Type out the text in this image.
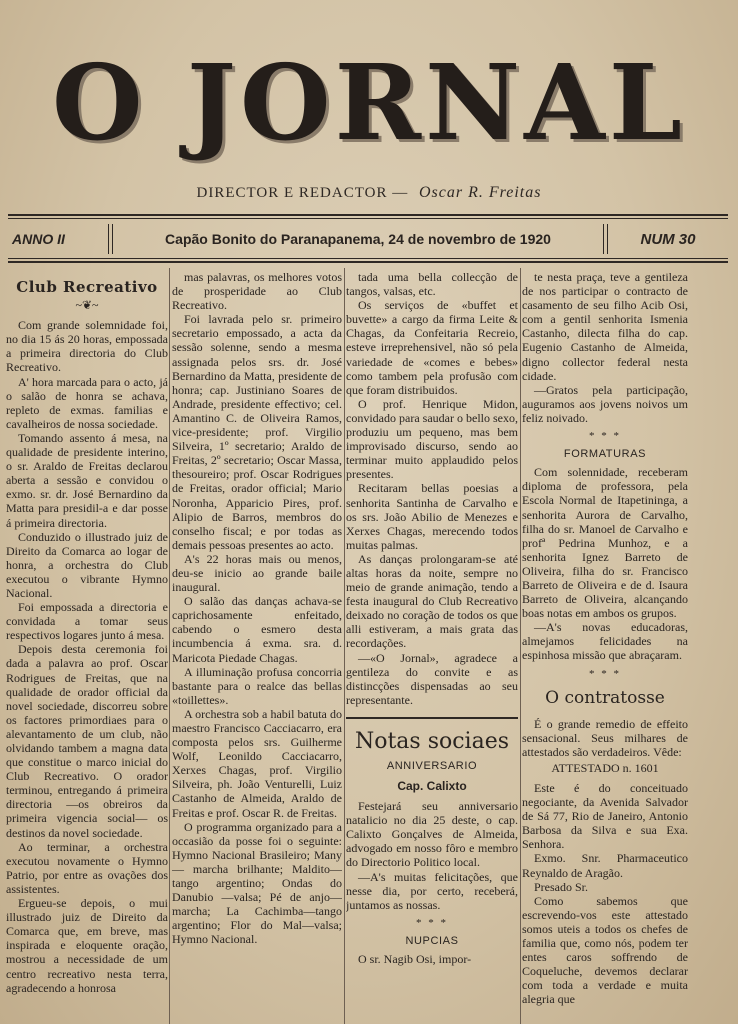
O JORNAL
DIRECTOR E REDACTOR — Oscar R. Freitas
ANNO II	Capão Bonito do Paranapanema, 24 de novembro de 1920	NUM 30

Club Recreativo

~❦~

Com grande solemnidade foi, no dia 15 ás 20 horas, empossada a primeira directoria do Club Recreativo.

A' hora marcada para o acto, já o salão de honra se achava, repleto de exmas. familias e cavalheiros de nossa sociedade.

Tomando assento á mesa, na qualidade de presidente interino, o sr. Araldo de Freitas declarou aberta a sessão e convidou o exmo. sr. dr. José Bernardino da Matta para presidil-a e dar posse á primeira directoria.

Conduzido o illustrado juiz de Direito da Comarca ao logar de honra, a orchestra do Club executou o vibrante Hymno Nacional.

Foi empossada a directoria e convidada a tomar seus respectivos logares junto á mesa.

Depois desta ceremonia foi dada a palavra ao prof. Oscar Rodrigues de Freitas, que na qualidade de orador official da novel sociedade, discorreu sobre os factores primordiaes para o alevantamento de um club, não olvidando tambem a magna data que constitue o marco inicial do Club Recreativo. O orador terminou, entregando á primeira directoria —os obreiros da primeira vigencia social— os destinos da novel sociedade.

Ao terminar, a orchestra executou novamente o Hymno Patrio, por entre as ovações dos assistentes.

Ergueu-se depois, o mui illustrado juiz de Direito da Comarca que, em breve, mas inspirada e eloquente oração, mostrou a necessidade de um centro recreativo nesta terra, agradecendo a honrosa

mas palavras, os melhores votos de prosperidade ao Club Recreativo.

Foi lavrada pelo sr. primeiro secretario empossado, a acta da sessão solenne, sendo a mesma assignada pelos srs. dr. José Bernardino da Matta, presidente de honra; cap. Justiniano Soares de Andrade, presidente effectivo; cel. Amantino C. de Oliveira Ramos, vice-presidente; prof. Virgilio Silveira, 1º secretario; Araldo de Freitas, 2º secretario; Oscar Massa, thesoureiro; prof. Oscar Rodrigues de Freitas, orador official; Mario Noronha, Apparicio Pires, prof. Alipio de Barros, membros do conselho fiscal; e por todas as demais pessoas presentes ao acto.

A's 22 horas mais ou menos, deu-se inicio ao grande baile inaugural.

O salão das danças achava-se caprichosamente enfeitado, cabendo o esmero desta incumbencia á exma. sra. d. Maricota Piedade Chagas.

A illuminação profusa concorria bastante para o realce das bellas «toillettes».

A orchestra sob a habil batuta do maestro Francisco Cacciacarro, era composta pelos srs. Guilherme Wolf, Leonildo Cacciacarro, Xerxes Chagas, prof. Virgilio Silveira, ph. João Venturelli, Luiz Castanho de Almeida, Araldo de Freitas e prof. Oscar R. de Freitas.

O programma organizado para a occasião da posse foi o seguinte: Hymno Nacional Brasileiro; Many — marcha brilhante; Maldito—tango argentino; Ondas do Danubio —valsa; Pé de anjo—marcha; La Cachimba—tango argentino; Flor do Mal—valsa; Hymno Nacional.

tada uma bella collecção de tangos, valsas, etc.

Os serviços de «buffet et buvette» a cargo da firma Leite & Chagas, da Confeitaria Recreio, esteve irreprehensivel, não só pela variedade de «comes e bebes» como tambem pela profusão com que foram distribuidos.

O prof. Henrique Midon, convidado para saudar o bello sexo, produziu um pequeno, mas bem improvisado discurso, sendo ao terminar muito applaudido pelos presentes.

Recitaram bellas poesias a senhorita Santinha de Carvalho e os srs. João Abilio de Menezes e Xerxes Chagas, merecendo todos muitas palmas.

As danças prolongaram-se até altas horas da noite, sempre no meio de grande animação, tendo a festa inaugural do Club Recreativo deixado no coração de todos os que alli estiveram, a mais grata das recordações.

—«O Jornal», agradece a gentileza do convite e as distincções dispensadas ao seu representante.

Notas sociaes

ANNIVERSARIO

Cap. Calixto

Festejará seu anniversario natalicio no dia 25 deste, o cap. Calixto Gonçalves de Almeida, advogado em nosso fôro e membro do Directorio Politico local.

—A's muitas felicitações, que nesse dia, por certo, receberá, juntamos as nossas.

* * *

NUPCIAS

O sr. Nagib Osi, impor-

te nesta praça, teve a gentileza de nos participar o contracto de casamento de seu filho Acib Osi, com a gentil senhorita Ismenia Castanho, dilecta filha do cap. Eugenio Castanho de Almeida, digno collector federal nesta cidade.

—Gratos pela participação, auguramos aos jovens noivos um feliz noivado.

* * *

FORMATURAS

Com solennidade, receberam diploma de professora, pela Escola Normal de Itapetininga, a senhorita Aurora de Carvalho, filha do sr. Manoel de Carvalho e profª Pedrina Munhoz, e a senhorita Ignez Barreto de Oliveira, filha do sr. Francisco Barreto de Oliveira e de d. Isaura Barreto de Oliveira, alcançando boas notas em ambos os grupos.

—A's novas educadoras, almejamos felicidades na espinhosa missão que abraçaram.

* * *

O contratosse

É o grande remedio de effeito sensacional. Seus milhares de attestados são verdadeiros. Vêde:

ATTESTADO n. 1601

Este é do conceituado negociante, da Avenida Salvador de Sá 77, Rio de Janeiro, Antonio Barbosa da Silva e sua Exa. Senhora.

Exmo. Snr. Pharmaceutico Reynaldo de Aragão.

Presado Sr.

Como sabemos que escrevendo-vos este attestado somos uteis a todos os chefes de familia que, como nós, podem ter entes caros soffrendo de Coqueluche, devemos declarar com toda a verdade e muita alegria que
